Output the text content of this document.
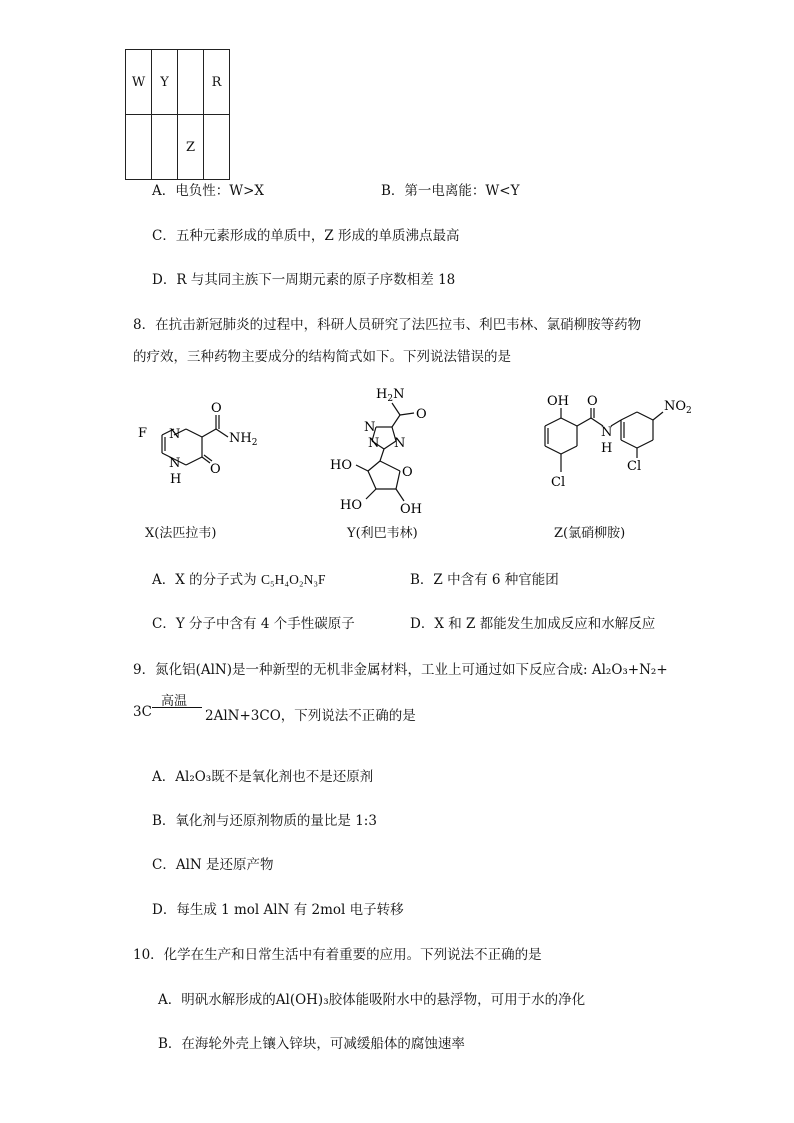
W	Y		R
		Z	
A．电负性：W>X	B．第一电离能：W<Y
C．五种元素形成的单质中，Z 形成的单质沸点最高
D．R 与其同主族下一周期元素的原子序数相差 18
8．在抗击新冠肺炎的过程中，科研人员研究了法匹拉韦、利巴韦林、氯硝柳胺等药物
的疗效，三种药物主要成分的结构简式如下。下列说法错误的是
F
O
$NH_2$
N
N
H
O
X(法匹拉韦)
$H_2N$
O
N
N
N
O
HO
HO	OH
Y(利巴韦林)
OH O	$NO_2$
N
H
Cl
Cl
Z(氯硝柳胺)
A．X 的分子式为 C₅H₄O₂N₃F	B．Z 中含有 6 种官能团
C．Y 分子中含有 4 个手性碳原子	D．X 和 Z 都能发生加成反应和水解反应
9．氮化铝(AlN)是一种新型的无机非金属材料，工业上可通过如下反应合成: Al₂O₃+N₂+
高温
3C	2AlN+3CO，下列说法不正确的是
A．Al₂O₃既不是氧化剂也不是还原剂
B．氧化剂与还原剂物质的量比是 1:3
C．AlN 是还原产物
D．每生成 1 mol AlN 有 2mol 电子转移
10．化学在生产和日常生活中有着重要的应用。下列说法不正确的是
A．明矾水解形成的Al(OH)₃胶体能吸附水中的悬浮物，可用于水的净化
B．在海轮外壳上镶入锌块，可减缓船体的腐蚀速率
